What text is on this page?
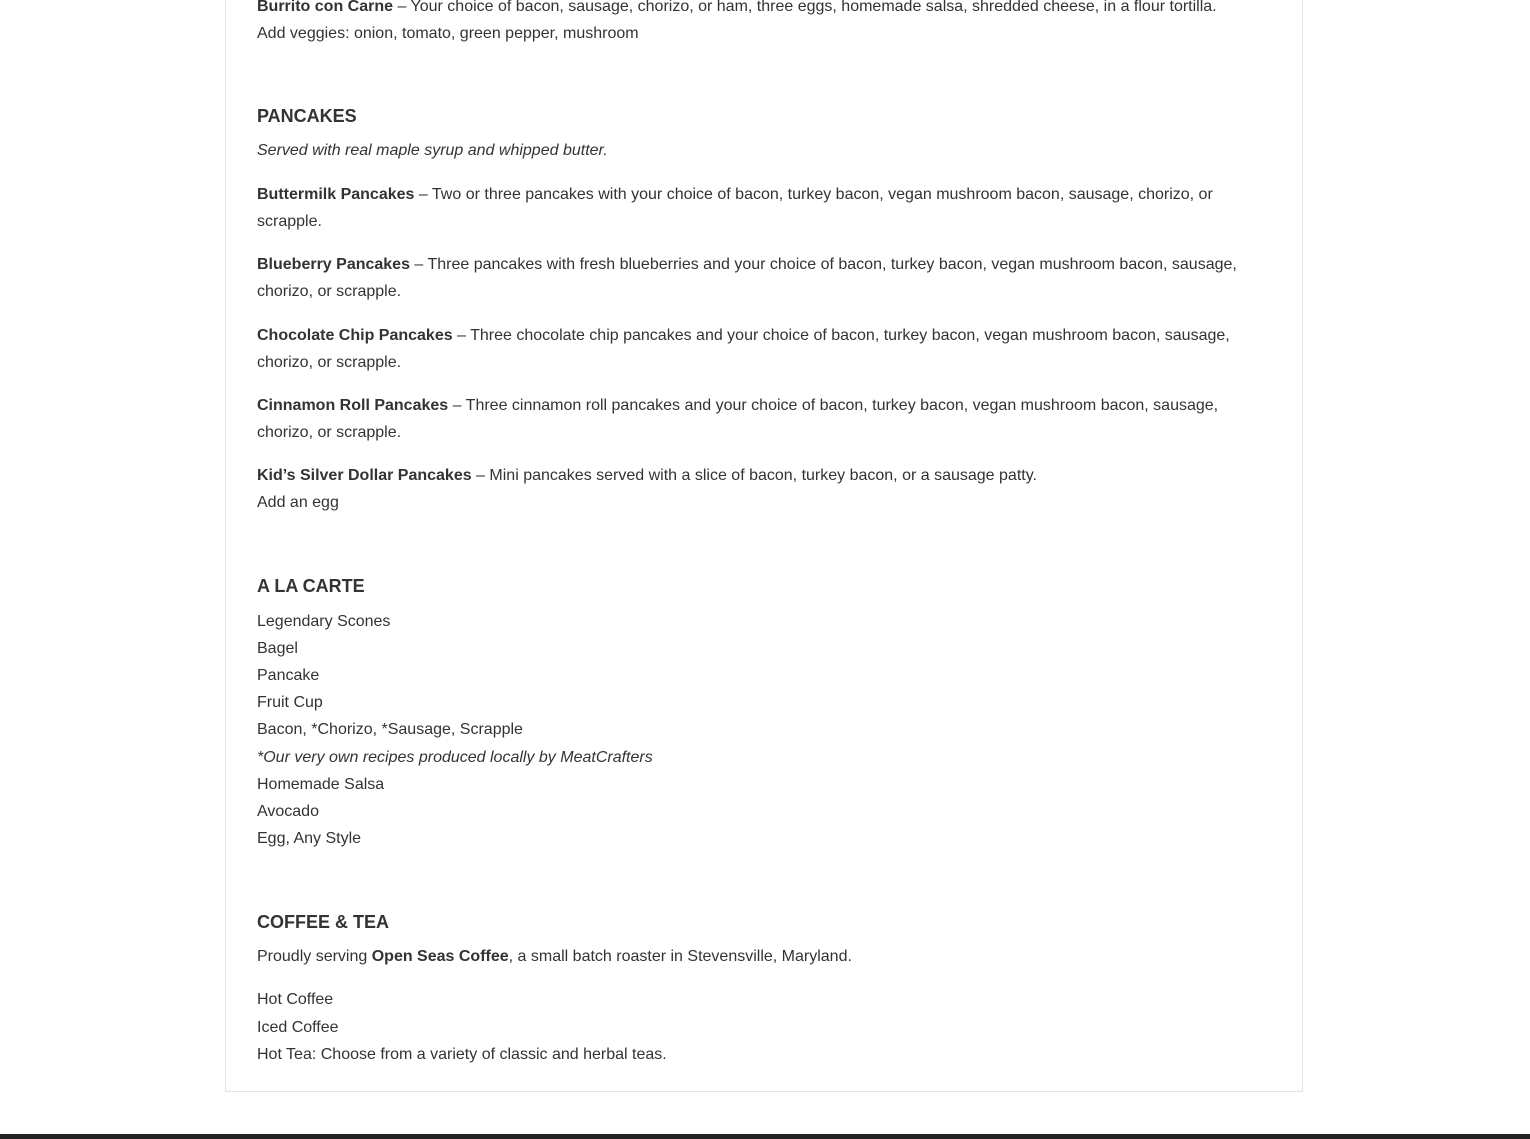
Burrito con Carne – Your choice of bacon, sausage, chorizo, or ham, three eggs, homemade salsa, shredded cheese, in a flour tortilla.
Add veggies: onion, tomato, green pepper, mushroom

PANCAKES

Served with real maple syrup and whipped butter.

Buttermilk Pancakes – Two or three pancakes with your choice of bacon, turkey bacon, vegan mushroom bacon, sausage, chorizo, or scrapple.

Blueberry Pancakes – Three pancakes with fresh blueberries and your choice of bacon, turkey bacon, vegan mushroom bacon, sausage, chorizo, or scrapple.

Chocolate Chip Pancakes – Three chocolate chip pancakes and your choice of bacon, turkey bacon, vegan mushroom bacon, sausage, chorizo, or scrapple.

Cinnamon Roll Pancakes – Three cinnamon roll pancakes and your choice of bacon, turkey bacon, vegan mushroom bacon, sausage, chorizo, or scrapple.

Kid’s Silver Dollar Pancakes – Mini pancakes served with a slice of bacon, turkey bacon, or a sausage patty.
Add an egg

A LA CARTE

Legendary Scones

Bagel

Pancake

Fruit Cup

Bacon, *Chorizo, *Sausage, Scrapple

*Our very own recipes produced locally by MeatCrafters

Homemade Salsa

Avocado

Egg, Any Style

COFFEE & TEA

Proudly serving Open Seas Coffee, a small batch roaster in Stevensville, Maryland.

Hot Coffee

Iced Coffee

Hot Tea: Choose from a variety of classic and herbal teas.
